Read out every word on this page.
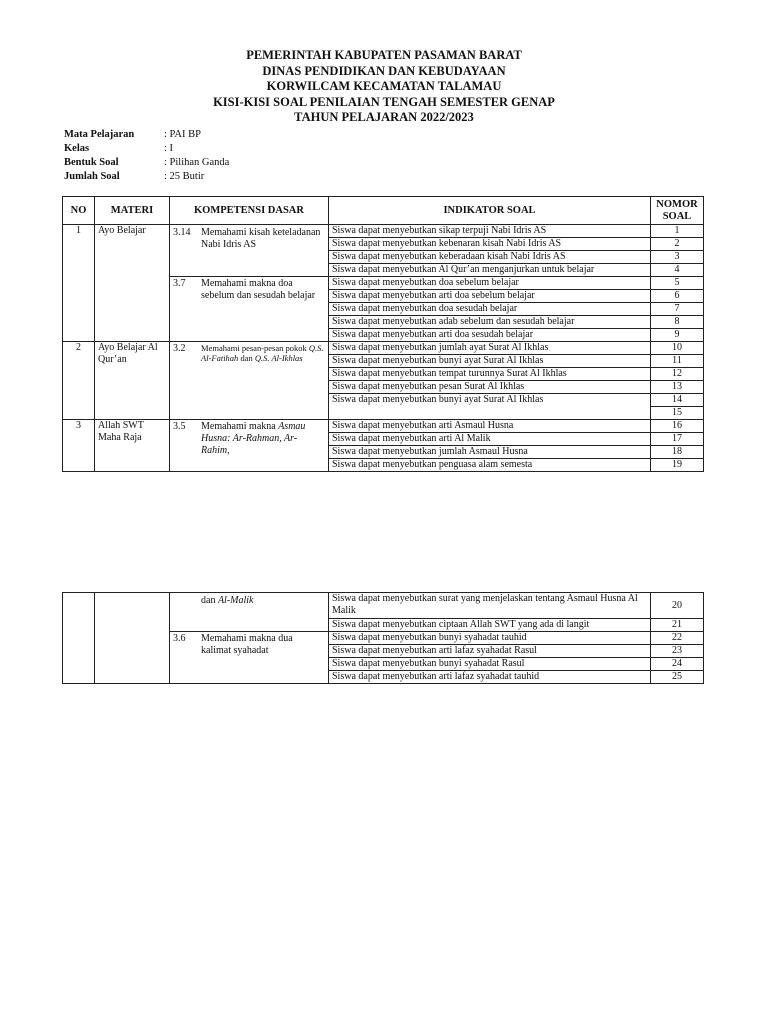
PEMERINTAH KABUPATEN PASAMAN BARAT
DINAS PENDIDIKAN DAN KEBUDAYAAN
KORWILCAM KECAMATAN TALAMAU
KISI-KISI SOAL PENILAIAN TENGAH SEMESTER GENAP
TAHUN PELAJARAN 2022/2023
Mata Pelajaran	: PAI BP
Kelas	: I
Bentuk Soal	: Pilihan Ganda
Jumlah Soal	: 25 Butir
NO	MATERI	KOMPETENSI DASAR	INDIKATOR SOAL	NOMOR SOAL
1	Ayo Belajar	3.14 Memahami kisah keteladanan Nabi Idris AS	Siswa dapat menyebutkan sikap terpuji Nabi Idris AS	1
			Siswa dapat menyebutkan kebenaran kisah Nabi Idris AS	2
			Siswa dapat menyebutkan keberadaan kisah Nabi Idris AS	3
			Siswa dapat menyebutkan Al Qur’an menganjurkan untuk belajar	4

		3.7 Memahami makna doa sebelum dan sesudah belajar	Siswa dapat menyebutkan doa sebelum belajar	5
			Siswa dapat menyebutkan arti doa sebelum belajar	6
			Siswa dapat menyebutkan doa sesudah belajar	7
			Siswa dapat menyebutkan adab sebelum dan sesudah belajar	8
			Siswa dapat menyebutkan arti doa sesudah belajar	9
2	Ayo Belajar Al Qur’an	3.2 Memahami pesan-pesan pokok Q.S. Al-Fatihah dan Q.S. Al-Ikhlas	Siswa dapat menyebutkan jumlah ayat Surat Al Ikhlas	10
			Siswa dapat menyebutkan bunyi ayat Surat Al Ikhlas	11
			Siswa dapat menyebutkan tempat turunnya Surat Al Ikhlas	12
			Siswa dapat menyebutkan pesan Surat Al Ikhlas	13
			Siswa dapat menyebutkan bunyi ayat Surat Al Ikhlas	14
				15
3	Allah SWT Maha Raja	3.5 Memahami makna Asmau Husna: Ar-Rahman, Ar-Rahim,	Siswa dapat menyebutkan arti Asmaul Husna	16
			Siswa dapat menyebutkan arti Al Malik	17
			Siswa dapat menyebutkan jumlah Asmaul Husna	18
			Siswa dapat menyebutkan penguasa alam semesta	19

		dan Al-Malik	Siswa dapat menyebutkan surat yang menjelaskan tentang Asmaul Husna Al Malik	20
			Siswa dapat menyebutkan ciptaan Allah SWT yang ada di langit	21

		3.6 Memahami makna dua kalimat syahadat	Siswa dapat menyebutkan bunyi syahadat tauhid	22
			Siswa dapat menyebutkan arti lafaz syahadat Rasul	23
			Siswa dapat menyebutkan bunyi syahadat Rasul	24
			Siswa dapat menyebutkan arti lafaz syahadat tauhid	25
